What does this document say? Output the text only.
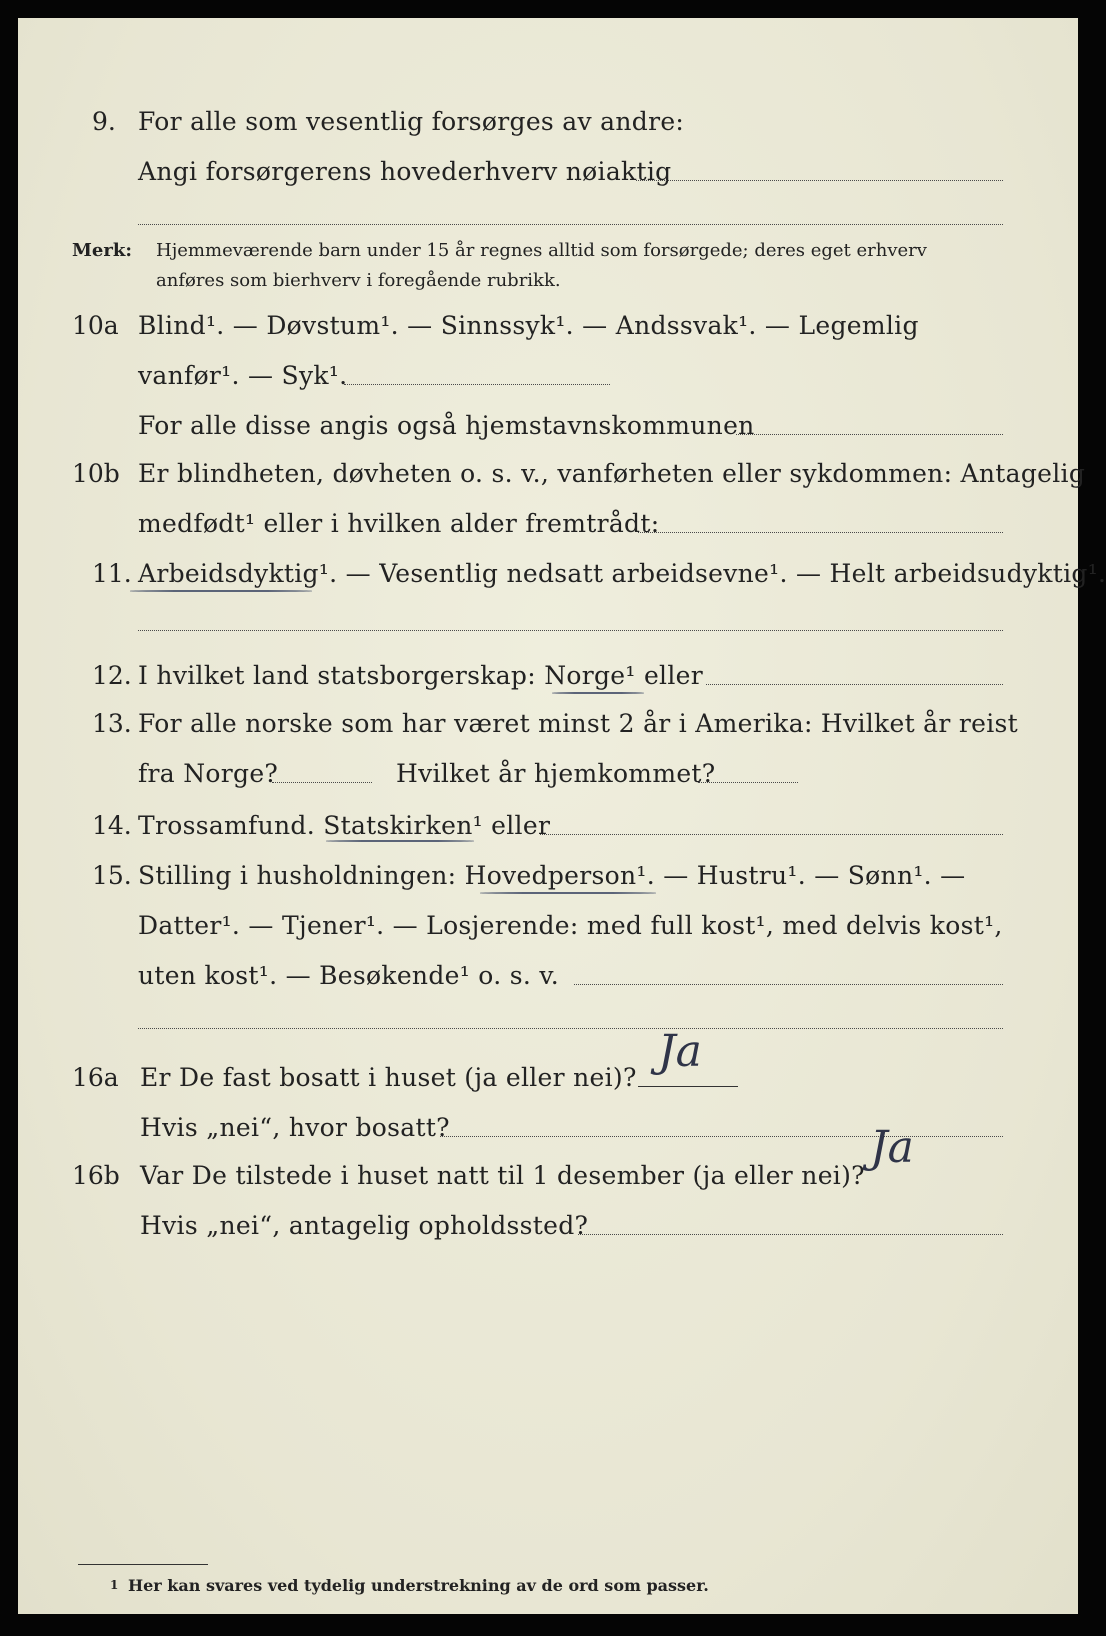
9. For alle som vesentlig forsørges av andre:
Angi forsørgerens hovederhverv nøiaktig
Merk: Hjemmeværende barn under 15 år regnes alltid som forsørgede; deres eget erhverv
anføres som bierhverv i foregående rubrikk.
10a Blind¹. — Døvstum¹. — Sinnssyk¹. — Andssvak¹. — Legemlig
vanfør¹. — Syk¹.
For alle disse angis også hjemstavnskommunen
10b Er blindheten, døvheten o. s. v., vanførheten eller sykdommen: Antagelig
medfødt¹ eller i hvilken alder fremtrådt:
11. Arbeidsdyktig¹. — Vesentlig nedsatt arbeidsevne¹. — Helt arbeidsudyktig¹.
12. I hvilket land statsborgerskap: Norge¹ eller
13. For alle norske som har været minst 2 år i Amerika: Hvilket år reist
fra Norge?	Hvilket år hjemkommet?
14. Trossamfund. Statskirken¹ eller
15. Stilling i husholdningen: Hovedperson¹. — Hustru¹. — Sønn¹. —
Datter¹. — Tjener¹. — Losjerende: med full kost¹, med delvis kost¹,
uten kost¹. — Besøkende¹ o. s. v.
16a Er De fast bosatt i huset (ja eller nei)?
Ja
Hvis „nei“, hvor bosatt?
16b Var De tilstede i huset natt til 1 desember (ja eller nei)?
Ja
Hvis „nei“, antagelig opholdssted?
1 Her kan svares ved tydelig understrekning av de ord som passer.
